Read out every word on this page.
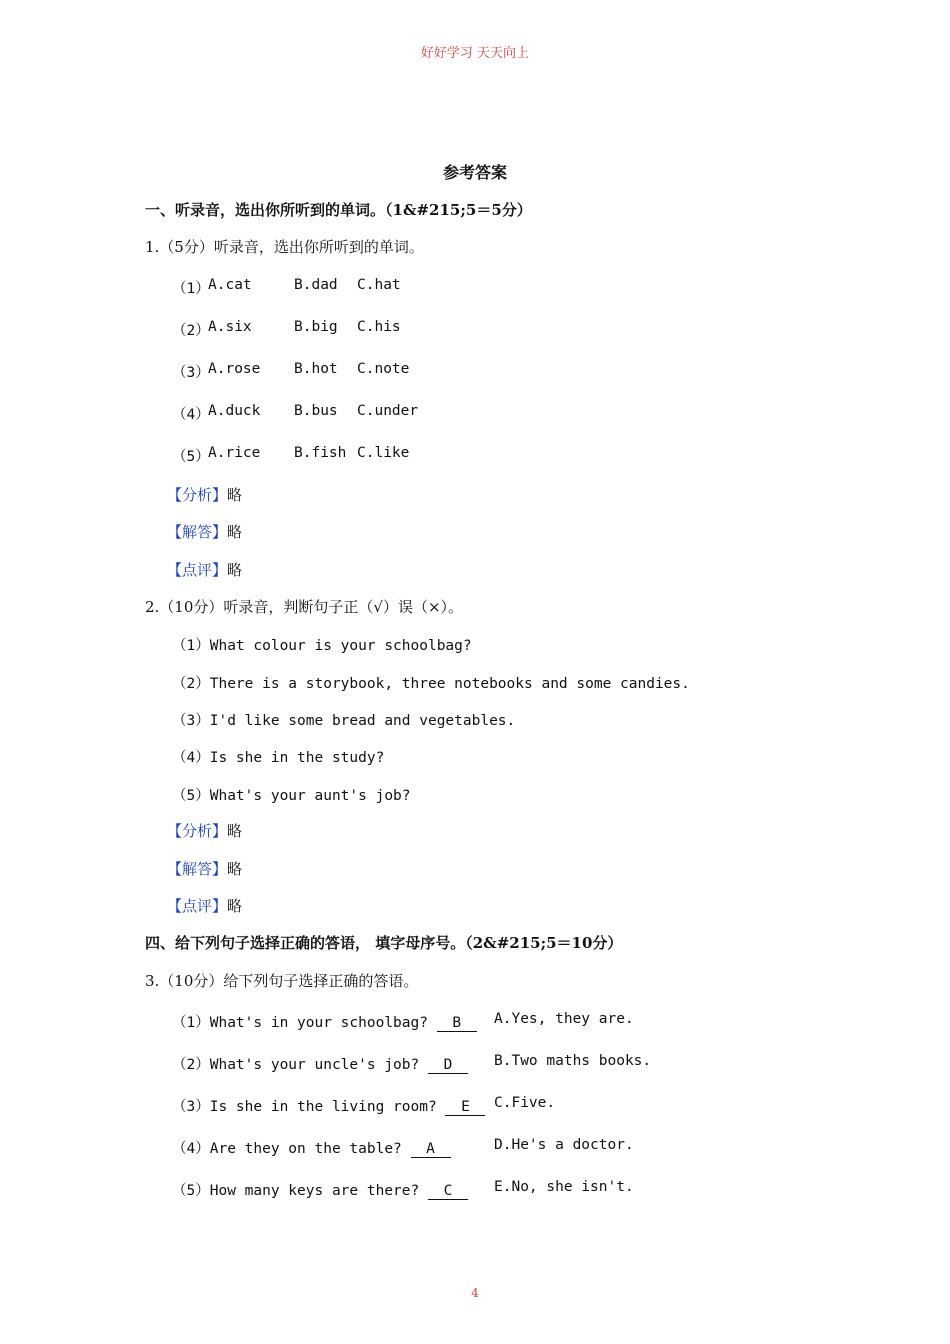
好好学习 天天向上
参考答案
一、听录音，选出你所听到的单词。（1&#215;5＝5分）
1.（5分）听录音，选出你所听到的单词。
（1）
A.cat	B.dad C.hat
（2）
A.six	B.big C.his
（3）
A.rose B.hot C.note
（4）
A.duck B.bus C.under
（5）
A.rice B.fish C.like
【分析】略
【解答】略
【点评】略
2.（10分）听录音，判断句子正（√）误（×）。
（1）What colour is your schoolbag?
（2）There is a storybook, three notebooks and some candies.
（3）I'd like some bread and vegetables.
（4）Is she in the study?
（5）What's your aunt's job?
【分析】略
【解答】略
【点评】略
四、给下列句子选择正确的答语， 填字母序号。（2&#215;5＝10分）
3.（10分）给下列句子选择正确的答语。
（1）What's in your schoolbag? B	A.Yes, they are.
（2）What's your uncle's job? D	B.Two maths books.
（3）Is she in the living room? E	C.Five.
（4）Are they on the table? A	D.He's a doctor.
（5）How many keys are there? C	E.No, she isn't.
4
